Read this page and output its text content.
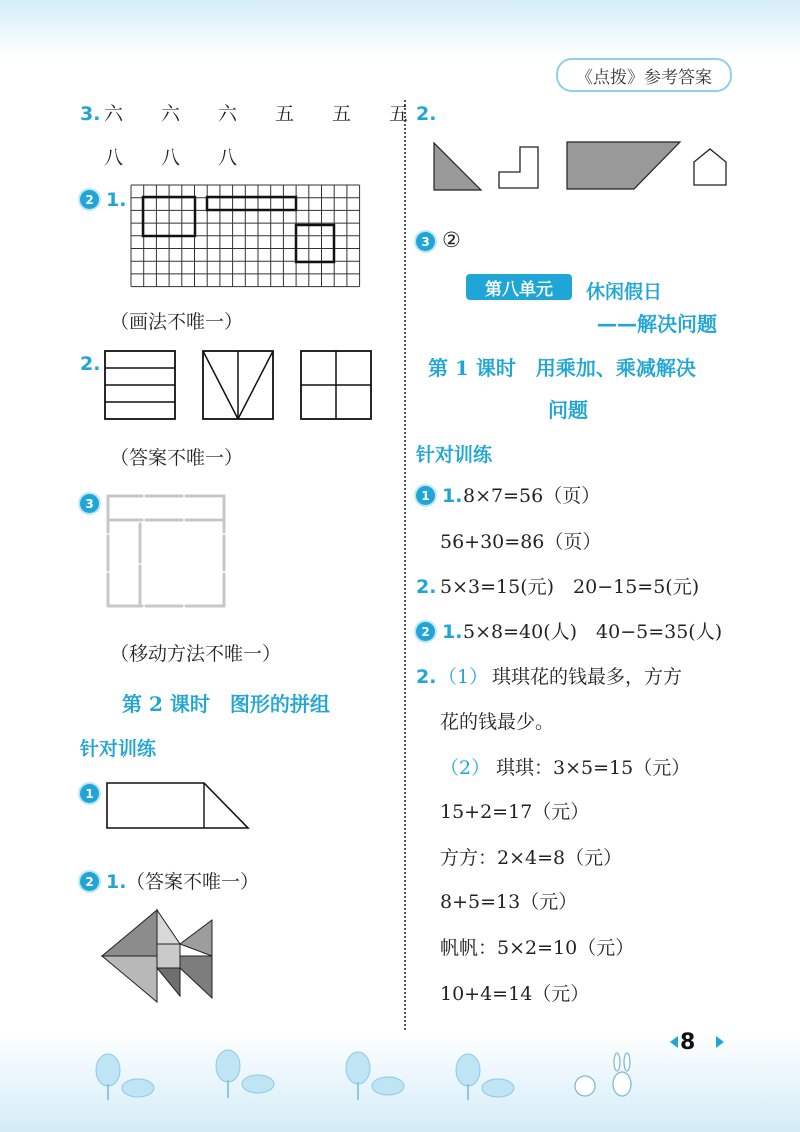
《点拨》参考答案
3. 六　　六　　六　　五　　五　　五
八　　八　　八
2 1.
（画法不唯一）
2.
（答案不唯一）
3
（移动方法不唯一）
第 2 课时　图形的拼组
针对训练
1
2 1. （答案不唯一）
2.
3 ②
第八单元	休闲假日
——解决问题
第 1 课时　用乘加、乘减解决
问题
针对训练
1 1. 8×7=56（页）
56+30=86（页）
2. 5×3=15(元)　20−15=5(元)
2 1. 5×8=40(人)　40−5=35(人)
2. （1） 琪琪花的钱最多，方方
花的钱最少。
（2） 琪琪：3×5=15（元）
15+2=17（元）
方方：2×4=8（元）
8+5=13（元）
帆帆：5×2=10（元）
10+4=14（元）
8
